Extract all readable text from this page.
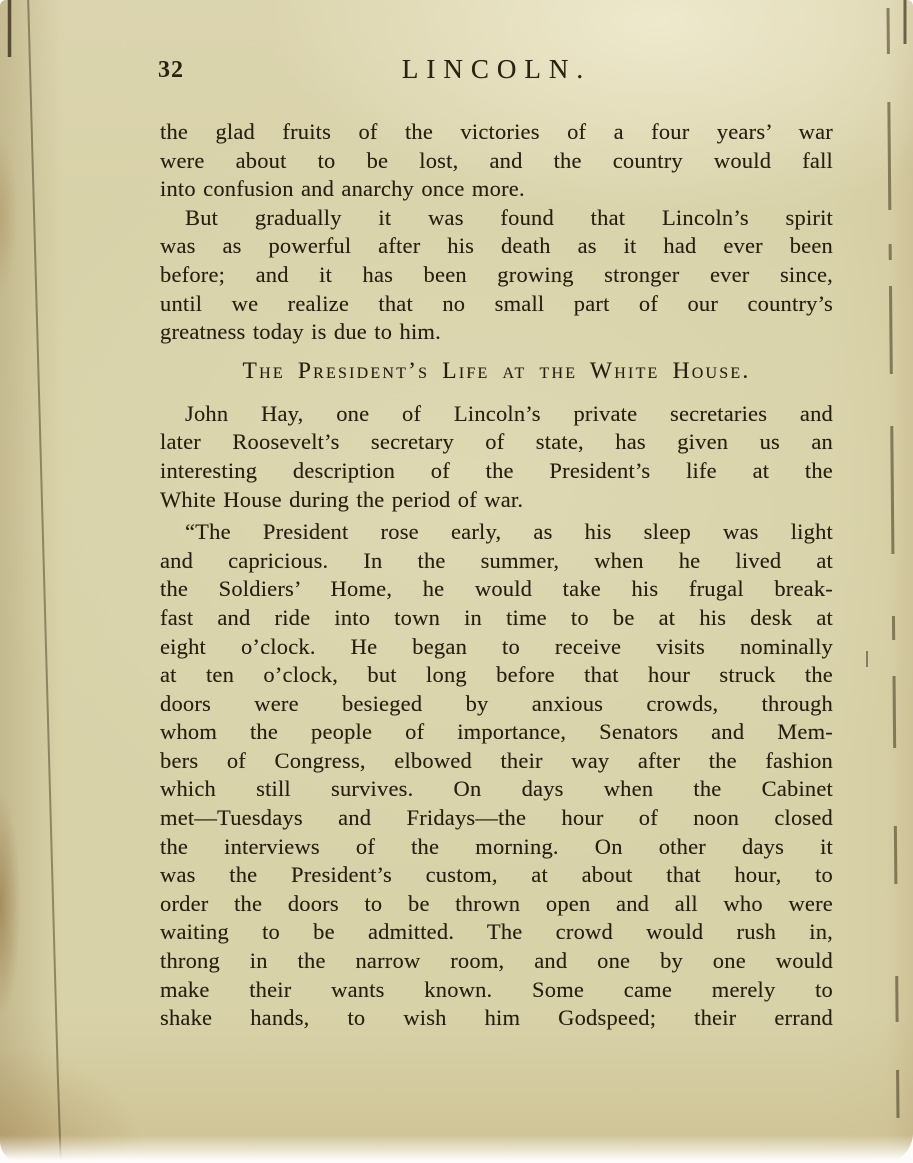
32	LINCOLN.
the glad fruits of the victories of a four years’ war
were about to be lost, and the country would fall
into confusion and anarchy once more.
But gradually it was found that Lincoln’s spirit
was as powerful after his death as it had ever been
before; and it has been growing stronger ever since,
until we realize that no small part of our country’s
greatness today is due to him.
The President’s Life at the White House.
John Hay, one of Lincoln’s private secretaries and
later Roosevelt’s secretary of state, has given us an
interesting description of the President’s life at the
White House during the period of war.
“The President rose early, as his sleep was light
and capricious. In the summer, when he lived at
the Soldiers’ Home, he would take his frugal break-
fast and ride into town in time to be at his desk at
eight o’clock. He began to receive visits nominally
at ten o’clock, but long before that hour struck the
doors were besieged by anxious crowds, through
whom the people of importance, Senators and Mem-
bers of Congress, elbowed their way after the fashion
which still survives. On days when the Cabinet
met—Tuesdays and Fridays—the hour of noon closed
the interviews of the morning. On other days it
was the President’s custom, at about that hour, to
order the doors to be thrown open and all who were
waiting to be admitted. The crowd would rush in,
throng in the narrow room, and one by one would
make their wants known. Some came merely to
shake hands, to wish him Godspeed; their errand
